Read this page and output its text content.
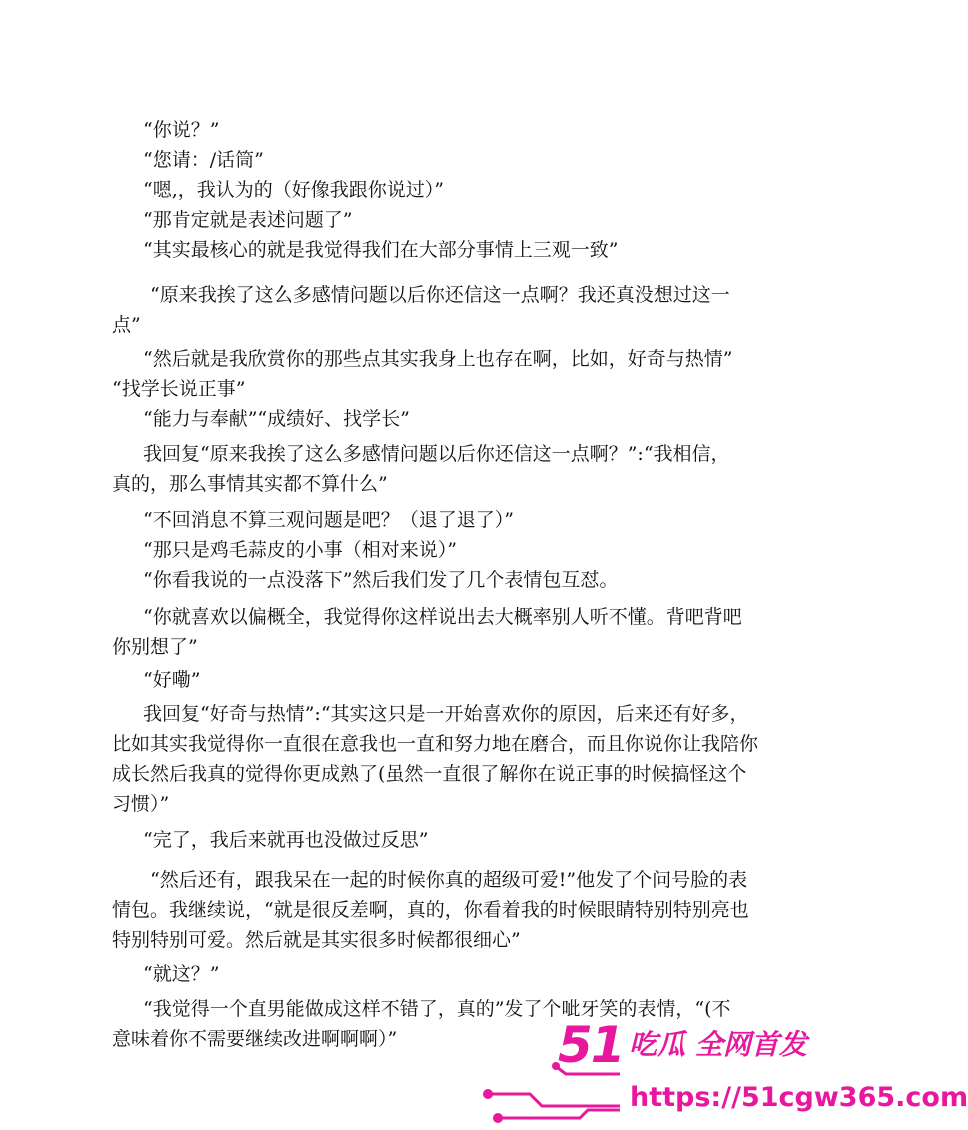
“你说？”
“您请：/话筒”
“嗯,，我认为的（好像我跟你说过）”
“那肯定就是表述问题了”
“其实最核心的就是我觉得我们在大部分事情上三观一致”
“原来我挨了这么多感情问题以后你还信这一点啊？我还真没想过这一
点”
“然后就是我欣赏你的那些点其实我身上也存在啊，比如，好奇与热情”
“找学长说正事”
“能力与奉献”“成绩好、找学长”
我回复“原来我挨了这么多感情问题以后你还信这一点啊？”:“我相信，
真的，那么事情其实都不算什么”
“不回消息不算三观问题是吧？（退了退了）”
“那只是鸡毛蒜皮的小事（相对来说）”
“你看我说的一点没落下”然后我们发了几个表情包互怼。
“你就喜欢以偏概全，我觉得你这样说出去大概率别人听不懂。背吧背吧
你别想了”
“好嘞”
我回复“好奇与热情”:“其实这只是一开始喜欢你的原因，后来还有好多，
比如其实我觉得你一直很在意我也一直和努力地在磨合，而且你说你让我陪你
成长然后我真的觉得你更成熟了(虽然一直很了解你在说正事的时候搞怪这个
习惯）”
“完了，我后来就再也没做过反思”
“然后还有，跟我呆在一起的时候你真的超级可爱!”他发了个问号脸的表
情包。我继续说，“就是很反差啊，真的，你看着我的时候眼睛特别特别亮也
特别特别可爱。然后就是其实很多时候都很细心”
“就这？”
“我觉得一个直男能做成这样不错了，真的”发了个呲牙笑的表情，“(不
意味着你不需要继续改进啊啊啊）”	51 吃瓜 全网首发
https://51cgw365.com
